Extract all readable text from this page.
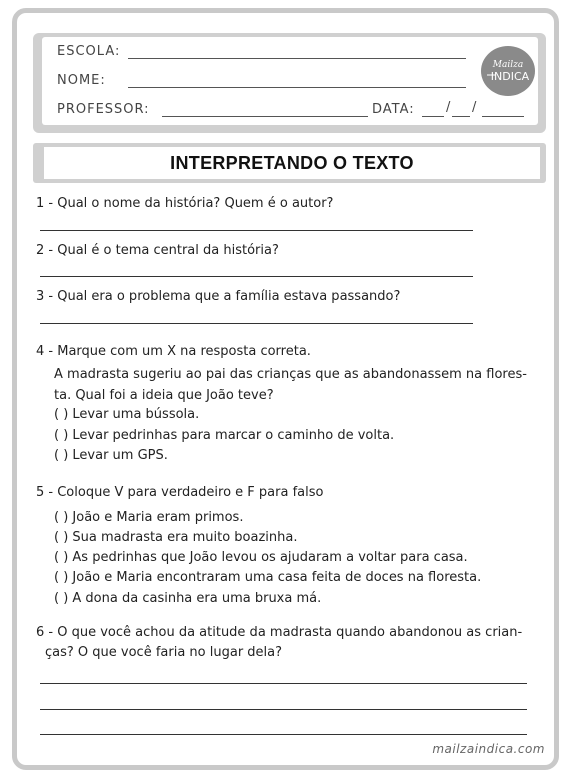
ESCOLA:
NOME:
PROFESSOR:	DATA: / /
Mailza
INDICA
INTERPRETANDO O TEXTO
1 - Qual o nome da história? Quem é o autor?
2 - Qual é o tema central da história?
3 - Qual era o problema que a família estava passando?
4 - Marque com um X na resposta correta.
A madrasta sugeriu ao pai das crianças que as abandonassem na flores-
ta. Qual foi a ideia que João teve?
( ) Levar uma bússola.
( ) Levar pedrinhas para marcar o caminho de volta.
( ) Levar um GPS.
5 - Coloque V para verdadeiro e F para falso
( ) João e Maria eram primos.
( ) Sua madrasta era muito boazinha.
( ) As pedrinhas que João levou os ajudaram a voltar para casa.
( ) João e Maria encontraram uma casa feita de doces na floresta.
( ) A dona da casinha era uma bruxa má.
6 - O que você achou da atitude da madrasta quando abandonou as crian-
ças? O que você faria no lugar dela?
mailzaindica.com
